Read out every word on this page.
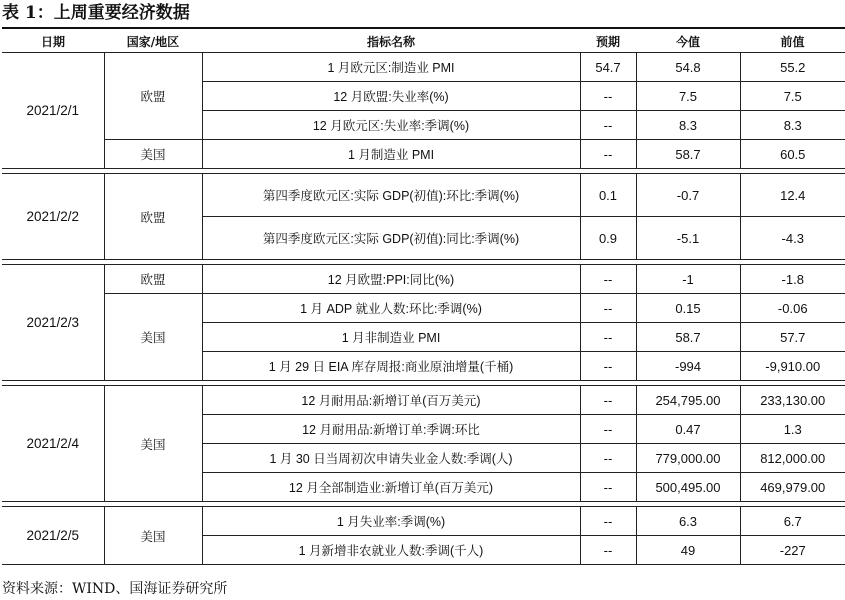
表 1：上周重要经济数据
日期	国家/地区	指标名称	预期	今值	前值
2021/2/1	欧盟	1 月欧元区:制造业 PMI	54.7	54.8	55.2
		12 月欧盟:失业率(%)	--	7.5	7.5
		12 月欧元区:失业率:季调(%)	--	8.3	8.3
	美国	1 月制造业 PMI	--	58.7	60.5

2021/2/2	欧盟	第四季度欧元区:实际 GDP(初值):环比:季调(%)	0.1	-0.7	12.4
		第四季度欧元区:实际 GDP(初值):同比:季调(%)	0.9	-5.1	-4.3

2021/2/3	欧盟	12 月欧盟:PPI:同比(%)	--	-1	-1.8
	美国	1 月 ADP 就业人数:环比:季调(%)	--	0.15	-0.06
		1 月非制造业 PMI	--	58.7	57.7
		1 月 29 日 EIA 库存周报:商业原油增量(千桶)	--	-994	-9,910.00

2021/2/4	美国	12 月耐用品:新增订单(百万美元)	--	254,795.00	233,130.00
		12 月耐用品:新增订单:季调:环比	--	0.47	1.3
		1 月 30 日当周初次申请失业金人数:季调(人)	--	779,000.00	812,000.00
		12 月全部制造业:新增订单(百万美元)	--	500,495.00	469,979.00

2021/2/5	美国	1 月失业率:季调(%)	--	6.3	6.7
		1 月新增非农就业人数:季调(千人)	--	49	-227
资料来源：WIND、国海证券研究所
